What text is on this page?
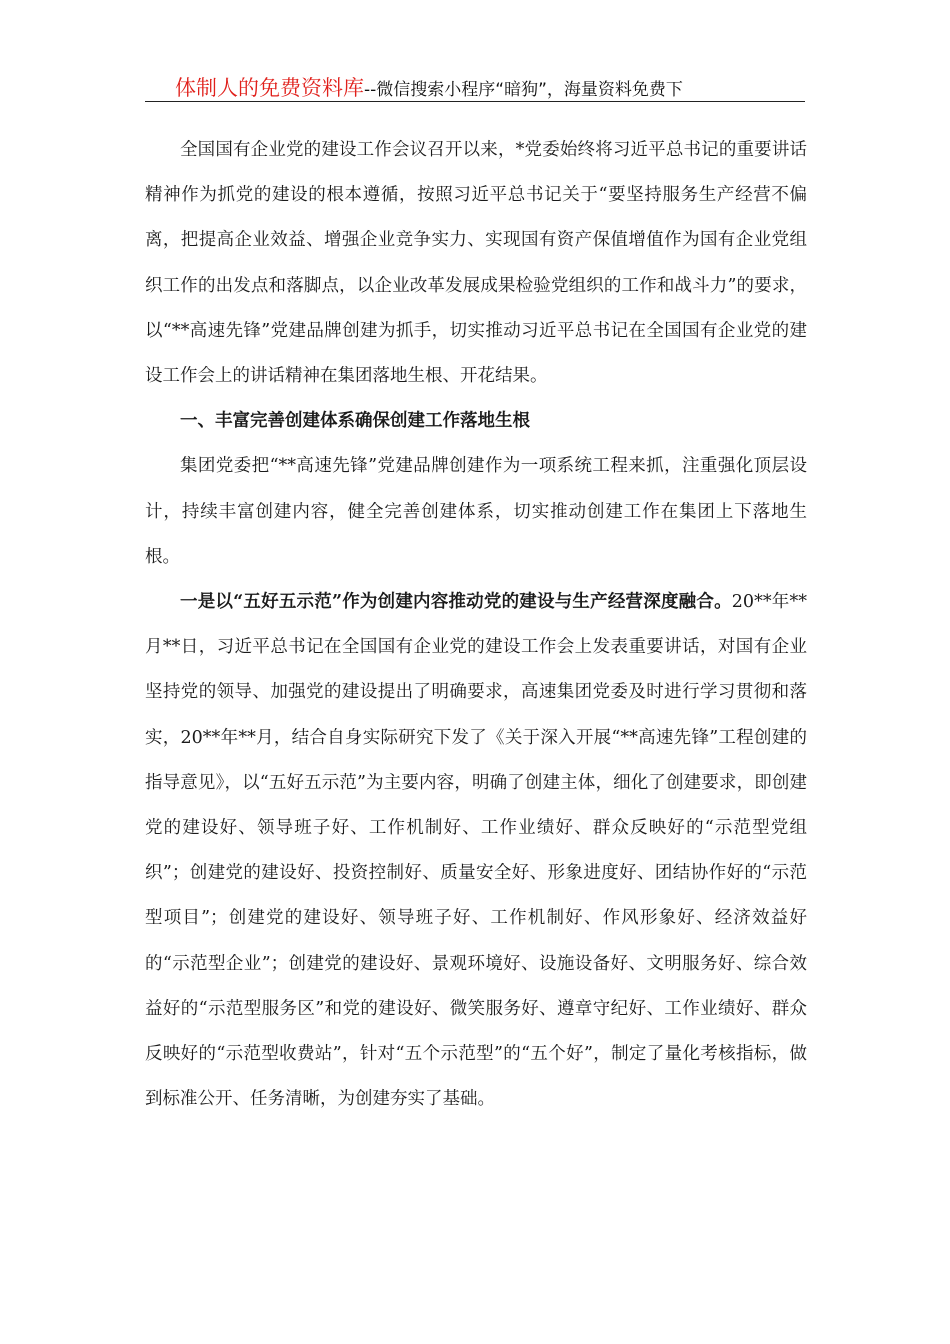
体制人的免费资料库--微信搜索小程序“暗狗”，海量资料免费下

全国国有企业党的建设工作会议召开以来，*党委始终将习近平总书记的重要讲话精神作为抓党的建设的根本遵循，按照习近平总书记关于“要坚持服务生产经营不偏离，把提高企业效益、增强企业竞争实力、实现国有资产保值增值作为国有企业党组织工作的出发点和落脚点，以企业改革发展成果检验党组织的工作和战斗力”的要求，以“**高速先锋”党建品牌创建为抓手，切实推动习近平总书记在全国国有企业党的建设工作会上的讲话精神在集团落地生根、开花结果。

一、丰富完善创建体系确保创建工作落地生根

集团党委把“**高速先锋”党建品牌创建作为一项系统工程来抓，注重强化顶层设计，持续丰富创建内容，健全完善创建体系，切实推动创建工作在集团上下落地生根。

一是以“五好五示范”作为创建内容推动党的建设与生产经营深度融合。20**年**月**日，习近平总书记在全国国有企业党的建设工作会上发表重要讲话，对国有企业坚持党的领导、加强党的建设提出了明确要求，高速集团党委及时进行学习贯彻和落实，20**年**月，结合自身实际研究下发了《关于深入开展“**高速先锋”工程创建的指导意见》，以“五好五示范”为主要内容，明确了创建主体，细化了创建要求，即创建党的建设好、领导班子好、工作机制好、工作业绩好、群众反映好的“示范型党组织”；创建党的建设好、投资控制好、质量安全好、形象进度好、团结协作好的“示范型项目”；创建党的建设好、领导班子好、工作机制好、作风形象好、经济效益好的“示范型企业”；创建党的建设好、景观环境好、设施设备好、文明服务好、综合效益好的“示范型服务区”和党的建设好、微笑服务好、遵章守纪好、工作业绩好、群众反映好的“示范型收费站”，针对“五个示范型”的“五个好”，制定了量化考核指标，做到标准公开、任务清晰，为创建夯实了基础。
